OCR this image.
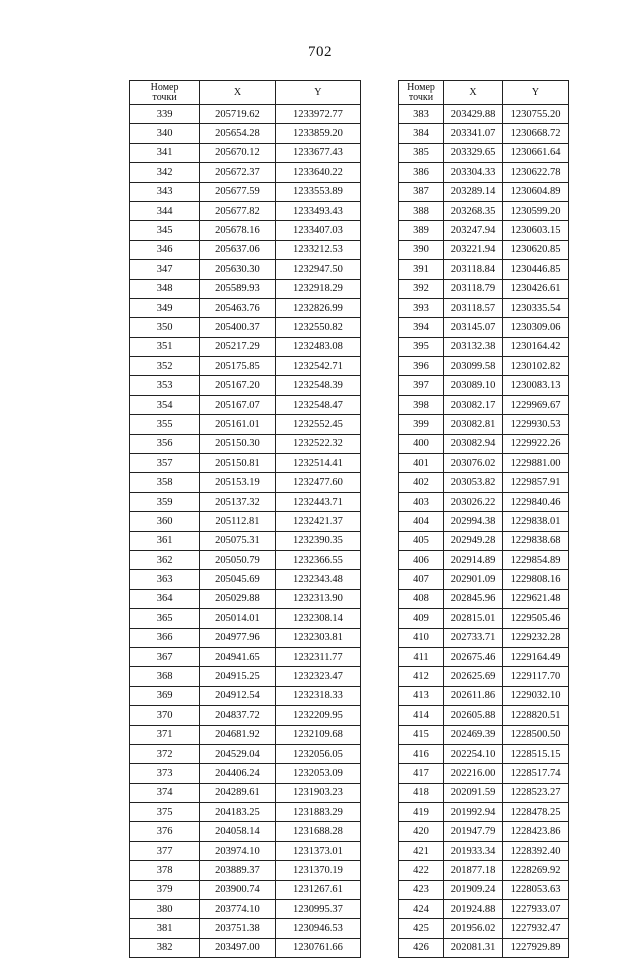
702
Номер
точки	X	Y
339	205719.62	1233972.77
340	205654.28	1233859.20
341	205670.12	1233677.43
342	205672.37	1233640.22
343	205677.59	1233553.89
344	205677.82	1233493.43
345	205678.16	1233407.03
346	205637.06	1233212.53
347	205630.30	1232947.50
348	205589.93	1232918.29
349	205463.76	1232826.99
350	205400.37	1232550.82
351	205217.29	1232483.08
352	205175.85	1232542.71
353	205167.20	1232548.39
354	205167.07	1232548.47
355	205161.01	1232552.45
356	205150.30	1232522.32
357	205150.81	1232514.41
358	205153.19	1232477.60
359	205137.32	1232443.71
360	205112.81	1232421.37
361	205075.31	1232390.35
362	205050.79	1232366.55
363	205045.69	1232343.48
364	205029.88	1232313.90
365	205014.01	1232308.14
366	204977.96	1232303.81
367	204941.65	1232311.77
368	204915.25	1232323.47
369	204912.54	1232318.33
370	204837.72	1232209.95
371	204681.92	1232109.68
372	204529.04	1232056.05
373	204406.24	1232053.09
374	204289.61	1231903.23
375	204183.25	1231883.29
376	204058.14	1231688.28
377	203974.10	1231373.01
378	203889.37	1231370.19
379	203900.74	1231267.61
380	203774.10	1230995.37
381	203751.38	1230946.53
382	203497.00	1230761.66
Номер
точки	X	Y
383	203429.88	1230755.20
384	203341.07	1230668.72
385	203329.65	1230661.64
386	203304.33	1230622.78
387	203289.14	1230604.89
388	203268.35	1230599.20
389	203247.94	1230603.15
390	203221.94	1230620.85
391	203118.84	1230446.85
392	203118.79	1230426.61
393	203118.57	1230335.54
394	203145.07	1230309.06
395	203132.38	1230164.42
396	203099.58	1230102.82
397	203089.10	1230083.13
398	203082.17	1229969.67
399	203082.81	1229930.53
400	203082.94	1229922.26
401	203076.02	1229881.00
402	203053.82	1229857.91
403	203026.22	1229840.46
404	202994.38	1229838.01
405	202949.28	1229838.68
406	202914.89	1229854.89
407	202901.09	1229808.16
408	202845.96	1229621.48
409	202815.01	1229505.46
410	202733.71	1229232.28
411	202675.46	1229164.49
412	202625.69	1229117.70
413	202611.86	1229032.10
414	202605.88	1228820.51
415	202469.39	1228500.50
416	202254.10	1228515.15
417	202216.00	1228517.74
418	202091.59	1228523.27
419	201992.94	1228478.25
420	201947.79	1228423.86
421	201933.34	1228392.40
422	201877.18	1228269.92
423	201909.24	1228053.63
424	201924.88	1227933.07
425	201956.02	1227932.47
426	202081.31	1227929.89
